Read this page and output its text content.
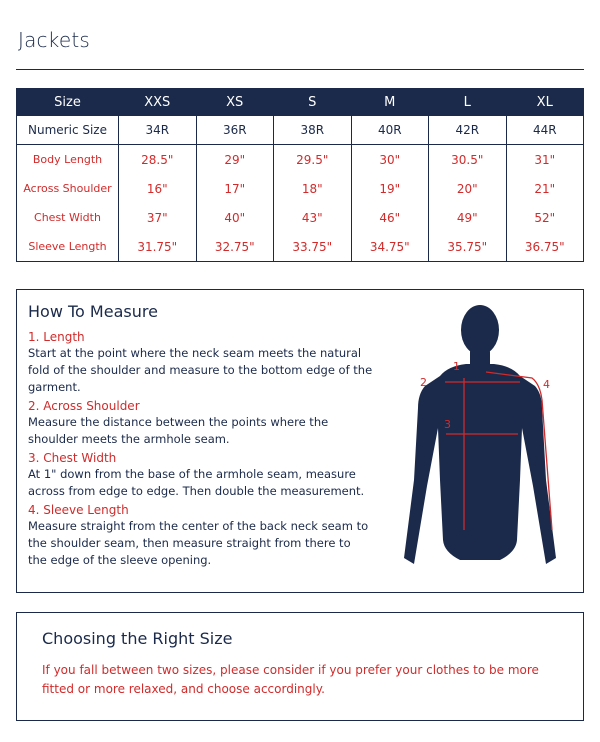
Jackets
Size	XXS	XS	S	M	L	XL
Numeric Size	34R	36R	38R	40R	42R	44R
Body Length	28.5"	29"	29.5"	30"	30.5"	31"
Across Shoulder	16"	17"	18"	19"	20"	21"
Chest Width	37"	40"	43"	46"	49"	52"
Sleeve Length	31.75"	32.75"	33.75"	34.75"	35.75"	36.75"
How To Measure
1. Length
Start at the point where the neck seam meets the natural fold of the shoulder and measure to the bottom edge of the garment.
2. Across Shoulder
Measure the distance between the points where the shoulder meets the armhole seam.
3. Chest Width
At 1" down from the base of the armhole seam, measure across from edge to edge. Then double the measurement.
4. Sleeve Length
Measure straight from the center of the back neck seam to the shoulder seam, then measure straight from there to the edge of the sleeve opening.
1
2
3
4
Choosing the Right Size
If you fall between two sizes, please consider if you prefer your clothes to be more fitted or more relaxed, and choose accordingly.
